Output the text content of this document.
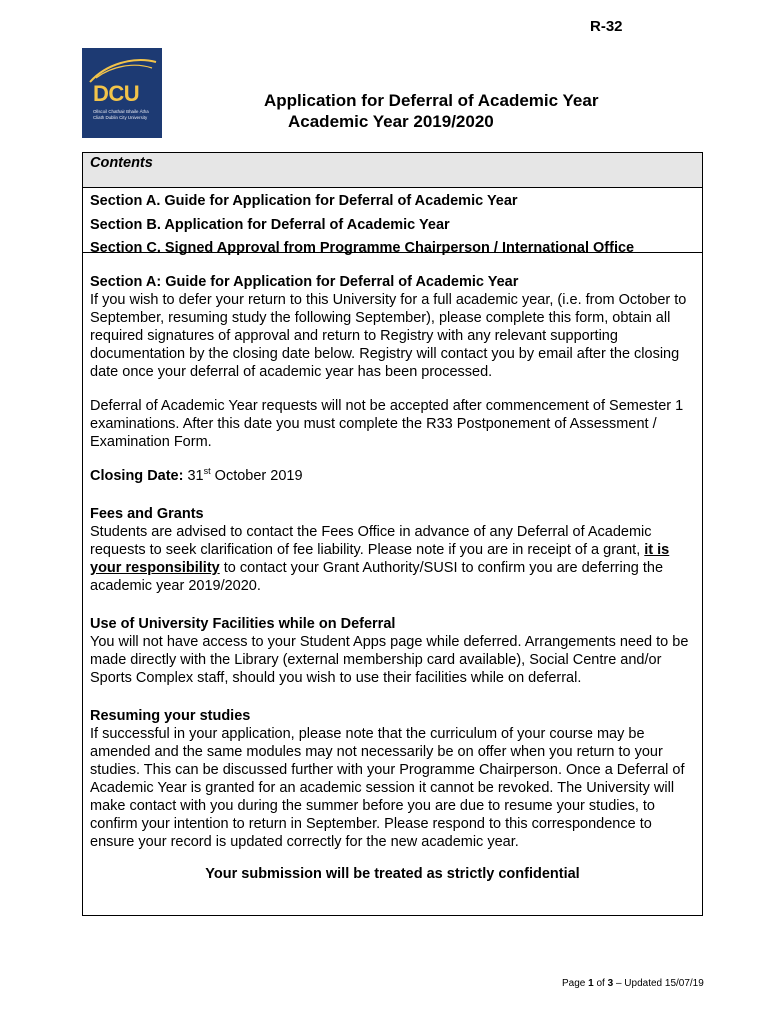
R-32
DCU
Ollscoil Chathair Bhaile Átha Cliath Dublin City University
Application for Deferral of Academic Year
Academic Year 2019/2020
Contents
Section A. Guide for Application for Deferral of Academic Year
Section B. Application for Deferral of Academic Year
Section C. Signed Approval from Programme Chairperson / International Office
Section A: Guide for Application for Deferral of Academic Year

If you wish to defer your return to this University for a full academic year, (i.e. from October to September, resuming study the following September), please complete this form, obtain all required signatures of approval and return to Registry with any relevant supporting documentation by the closing date below. Registry will contact you by email after the closing date once your deferral of academic year has been processed.

Deferral of Academic Year requests will not be accepted after commencement of Semester 1 examinations. After this date you must complete the R33 Postponement of Assessment / Examination Form.

Closing Date: 31st October 2019

Fees and Grants

Students are advised to contact the Fees Office in advance of any Deferral of Academic requests to seek clarification of fee liability. Please note if you are in receipt of a grant, it is your responsibility to contact your Grant Authority/SUSI to confirm you are deferring the academic year 2019/2020.

Use of University Facilities while on Deferral

You will not have access to your Student Apps page while deferred. Arrangements need to be made directly with the Library (external membership card available), Social Centre and/or Sports Complex staff, should you wish to use their facilities while on deferral.

Resuming your studies

If successful in your application, please note that the curriculum of your course may be amended and the same modules may not necessarily be on offer when you return to your studies. This can be discussed further with your Programme Chairperson. Once a Deferral of Academic Year is granted for an academic session it cannot be revoked. The University will make contact with you during the summer before you are due to resume your studies, to confirm your intention to return in September. Please respond to this correspondence to ensure your record is updated correctly for the new academic year.

Your submission will be treated as strictly confidential

Page 1 of 3 – Updated 15/07/19
